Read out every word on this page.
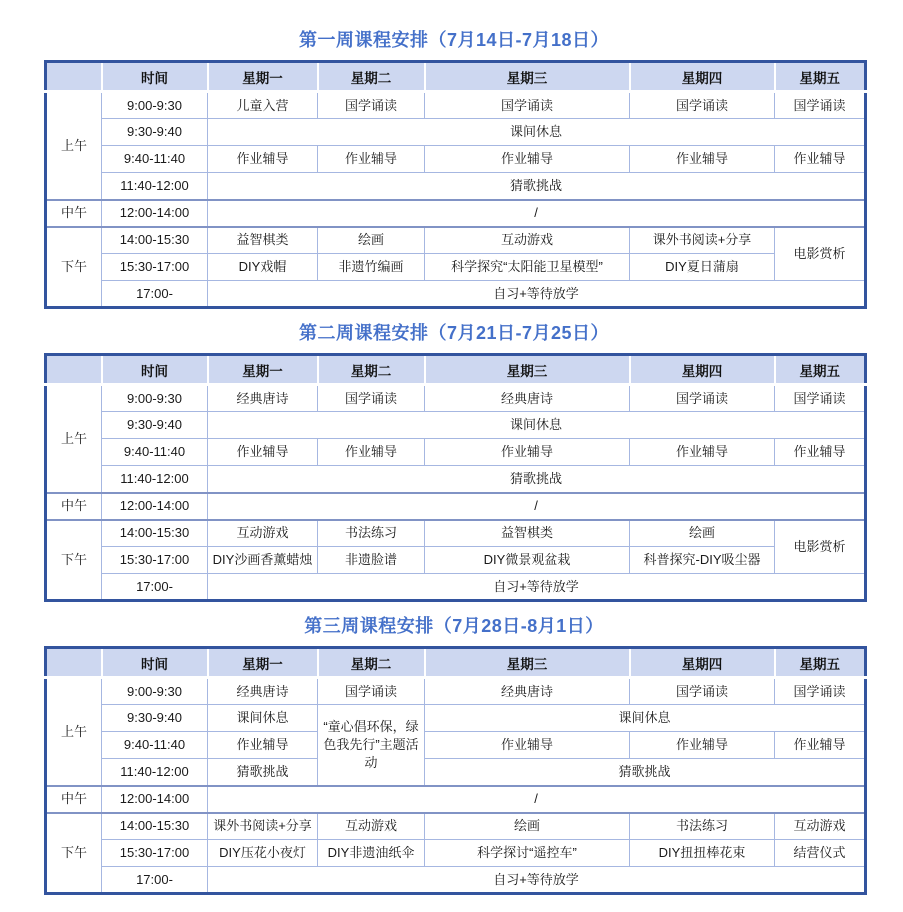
第一周课程安排（7月14日-7月18日）
	时间	星期一	星期二	星期三	星期四	星期五
上午	9:00-9:30	儿童入营	国学诵读	国学诵读	国学诵读	国学诵读
	9:30-9:40	课间休息				
	9:40-11:40	作业辅导	作业辅导	作业辅导	作业辅导	作业辅导
	11:40-12:00	猜歌挑战				
中午	12:00-14:00	/				
下午	14:00-15:30	益智棋类	绘画	互动游戏	课外书阅读+分享	电影赏析
	15:30-17:00	DIY戏帽	非遗竹编画	科学探究“太阳能卫星模型”	DIY夏日蒲扇	
	17:00-	自习+等待放学				
第二周课程安排（7月21日-7月25日）
	时间	星期一	星期二	星期三	星期四	星期五
上午	9:00-9:30	经典唐诗	国学诵读	经典唐诗	国学诵读	国学诵读
	9:30-9:40	课间休息				
	9:40-11:40	作业辅导	作业辅导	作业辅导	作业辅导	作业辅导
	11:40-12:00	猜歌挑战				
中午	12:00-14:00	/				
下午	14:00-15:30	互动游戏	书法练习	益智棋类	绘画	电影赏析
	15:30-17:00	DIY沙画香薰蜡烛	非遗脸谱	DIY微景观盆栽	科普探究-DIY吸尘器	
	17:00-	自习+等待放学				
第三周课程安排（7月28日-8月1日）
	时间	星期一	星期二	星期三	星期四	星期五
上午	9:00-9:30	经典唐诗	国学诵读	经典唐诗	国学诵读	国学诵读
	9:30-9:40	课间休息	“童心倡环保，绿色我先行”主题活动	课间休息		
	9:40-11:40	作业辅导		作业辅导	作业辅导	作业辅导
	11:40-12:00	猜歌挑战		猜歌挑战		
中午	12:00-14:00	/				
下午	14:00-15:30	课外书阅读+分享	互动游戏	绘画	书法练习	互动游戏
	15:30-17:00	DIY压花小夜灯	DIY非遗油纸伞	科学探讨“遥控车”	DIY扭扭棒花束	结营仪式
	17:00-	自习+等待放学				
